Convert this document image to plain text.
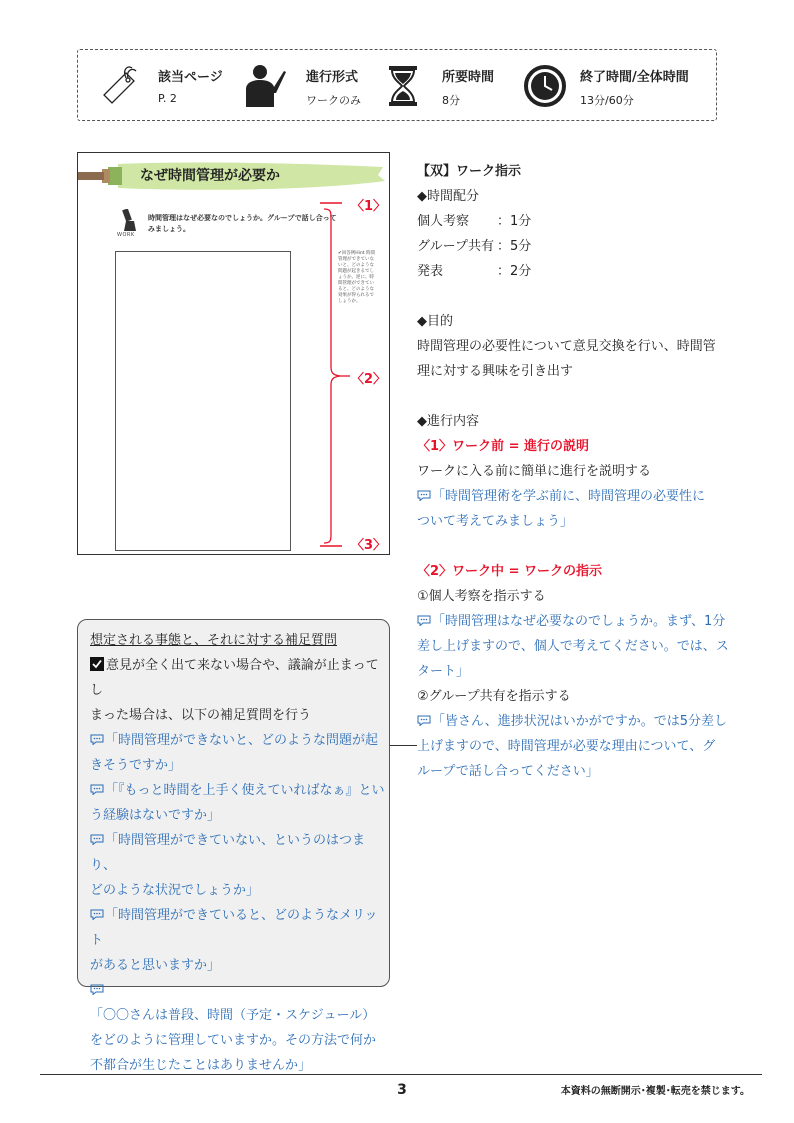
該当ページ
P. 2
進行形式
ワークのみ
所要時間
8分
終了時間/全体時間
13分/60分
なぜ時間管理が必要か
WORK
時間管理はなぜ必要なのでしょうか。グループで話し合ってみましょう。
✔回答例Hint 時間管理ができていないと、どのような問題が起きるでしょうか。逆に、時間管理ができていると、どのような効果が得られるでしょうか。
〈1〉
〈2〉
〈3〉
【双】ワーク指示
◆時間配分
個人考察 ：1分
グループ共有 ：5分
発表	：2分
◆目的
時間管理の必要性について意見交換を行い、時間管
理に対する興味を引き出す
◆進行内容
〈1〉ワーク前 = 進行の説明
ワークに入る前に簡単に進行を説明する
「時間管理術を学ぶ前に、時間管理の必要性に
ついて考えてみましょう」
〈2〉ワーク中 = ワークの指示
①個人考察を指示する
「時間管理はなぜ必要なのでしょうか。まず、1分
差し上げますので、個人で考えてください。では、ス
タート」
②グループ共有を指示する
「皆さん、進捗状況はいかがですか。では5分差し
上げますので、時間管理が必要な理由について、グ
ループで話し合ってください」
想定される事態と、それに対する補足質問
意見が全く出て来ない場合や、議論が止まってし
まった場合は、以下の補足質問を行う
「時間管理ができないと、どのような問題が起
きそうですか」
「『もっと時間を上手く使えていればなぁ』とい
う経験はないですか」
「時間管理ができていない、というのはつまり、
どのような状況でしょうか」
「時間管理ができていると、どのようなメリット
があると思いますか」
「〇〇さんは普段、時間（予定・スケジュール）
をどのように管理していますか。その方法で何か
不都合が生じたことはありませんか」
3	本資料の無断開示･複製･転売を禁じます。
